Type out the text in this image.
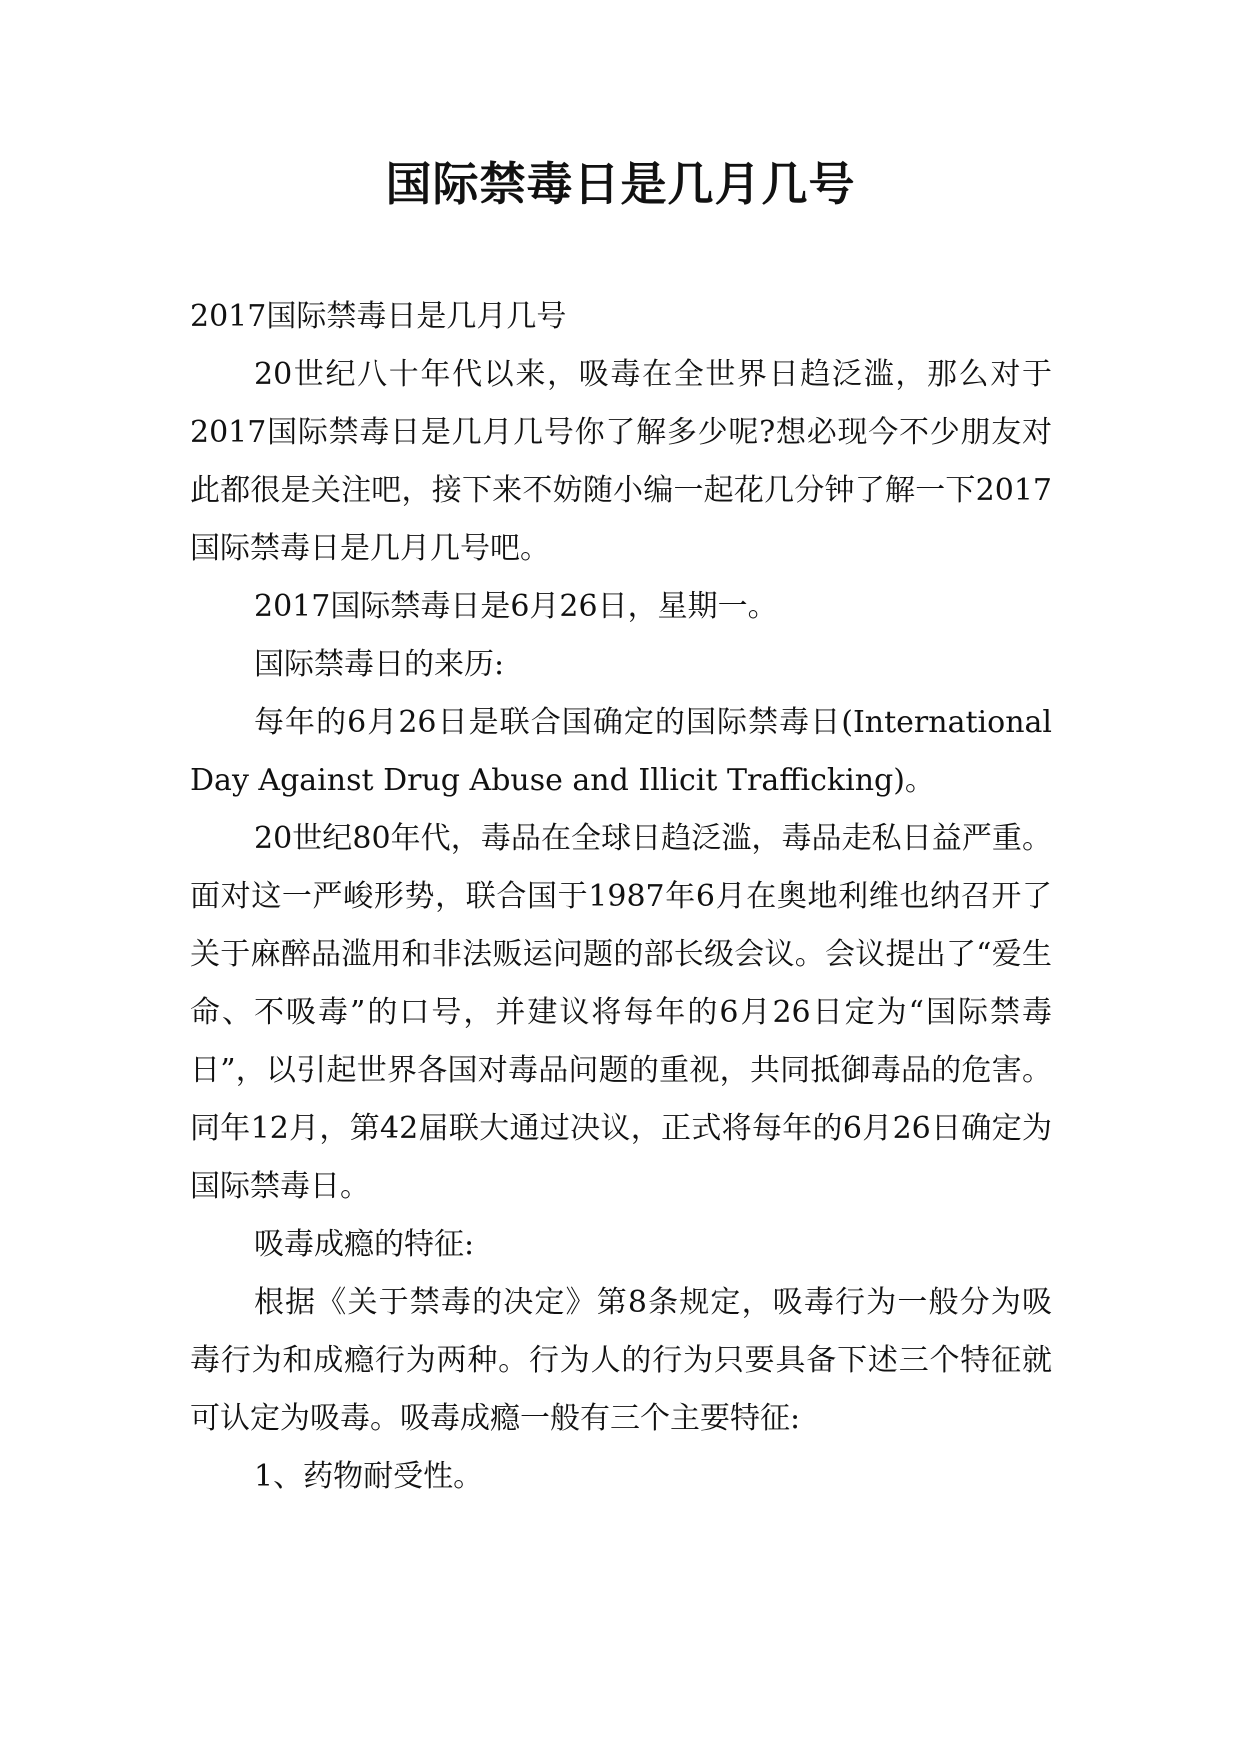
国际禁毒日是几月几号

2017国际禁毒日是几月几号

20世纪八十年代以来，吸毒在全世界日趋泛滥，那么对于2017国际禁毒日是几月几号你了解多少呢?想必现今不少朋友对此都很是关注吧，接下来不妨随小编一起花几分钟了解一下2017国际禁毒日是几月几号吧。

2017国际禁毒日是6月26日，星期一。

国际禁毒日的来历:

每年的6月26日是联合国确定的国际禁毒日(International Day Against Drug Abuse and Illicit Trafficking)。

20世纪80年代，毒品在全球日趋泛滥，毒品走私日益严重。面对这一严峻形势，联合国于1987年6月在奥地利维也纳召开了关于麻醉品滥用和非法贩运问题的部长级会议。会议提出了“爱生命、不吸毒”的口号，并建议将每年的6月26日定为“国际禁毒日”，以引起世界各国对毒品问题的重视，共同抵御毒品的危害。同年12月，第42届联大通过决议，正式将每年的6月26日确定为国际禁毒日。

吸毒成瘾的特征:

根据《关于禁毒的决定》第8条规定，吸毒行为一般分为吸毒行为和成瘾行为两种。行为人的行为只要具备下述三个特征就可认定为吸毒。吸毒成瘾一般有三个主要特征:

1、药物耐受性。
